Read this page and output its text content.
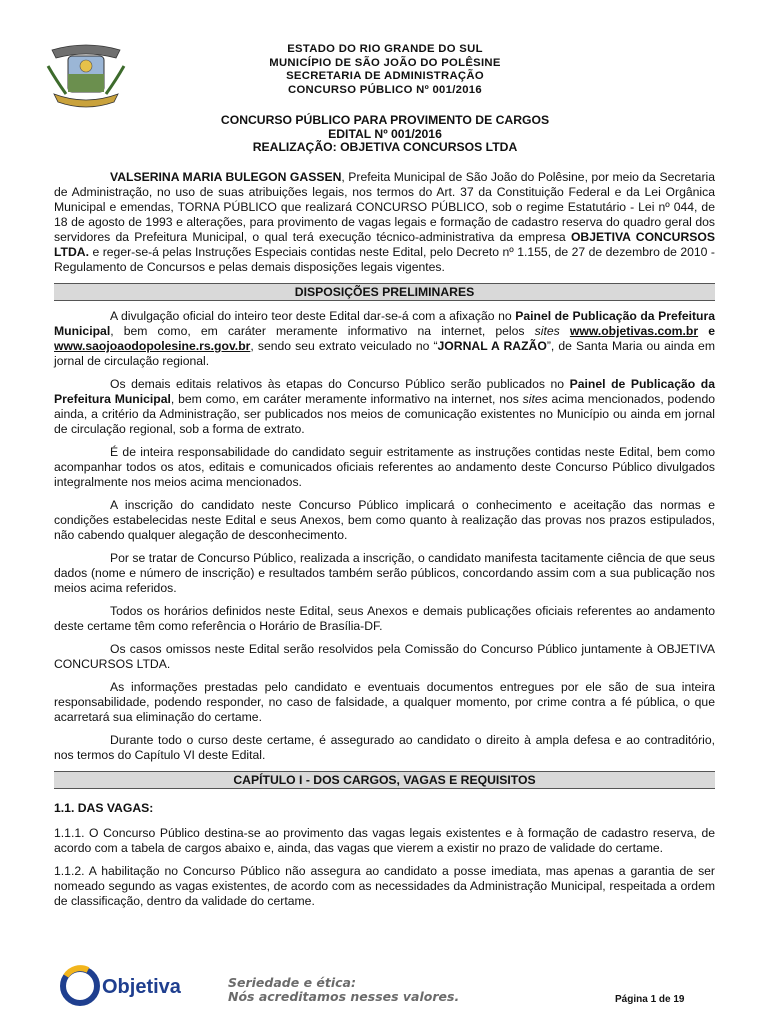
ESTADO DO RIO GRANDE DO SUL
MUNICÍPIO DE SÃO JOÃO DO POLÊSINE
SECRETARIA DE ADMINISTRAÇÃO
CONCURSO PÚBLICO Nº 001/2016
CONCURSO PÚBLICO PARA PROVIMENTO DE CARGOS
EDITAL Nº 001/2016
REALIZAÇÃO: OBJETIVA CONCURSOS LTDA

VALSERINA MARIA BULEGON GASSEN, Prefeita Municipal de São João do Polêsine, por meio da Secretaria de Administração, no uso de suas atribuições legais, nos termos do Art. 37 da Constituição Federal e da Lei Orgânica Municipal e emendas, TORNA PÚBLICO que realizará CONCURSO PÚBLICO, sob o regime Estatutário - Lei nº 044, de 18 de agosto de 1993 e alterações, para provimento de vagas legais e formação de cadastro reserva do quadro geral dos servidores da Prefeitura Municipal, o qual terá execução técnico-administrativa da empresa OBJETIVA CONCURSOS LTDA. e reger-se-á pelas Instruções Especiais contidas neste Edital, pelo Decreto nº 1.155, de 27 de dezembro de 2010 - Regulamento de Concursos e pelas demais disposições legais vigentes.

DISPOSIÇÕES PRELIMINARES

A divulgação oficial do inteiro teor deste Edital dar-se-á com a afixação no Painel de Publicação da Prefeitura Municipal, bem como, em caráter meramente informativo na internet, pelos sites www.objetivas.com.br e www.saojoaodopolesine.rs.gov.br, sendo seu extrato veiculado no “JORNAL A RAZÃO”, de Santa Maria ou ainda em jornal de circulação regional.

Os demais editais relativos às etapas do Concurso Público serão publicados no Painel de Publicação da Prefeitura Municipal, bem como, em caráter meramente informativo na internet, nos sites acima mencionados, podendo ainda, a critério da Administração, ser publicados nos meios de comunicação existentes no Município ou ainda em jornal de circulação regional, sob a forma de extrato.

É de inteira responsabilidade do candidato seguir estritamente as instruções contidas neste Edital, bem como acompanhar todos os atos, editais e comunicados oficiais referentes ao andamento deste Concurso Público divulgados integralmente nos meios acima mencionados.

A inscrição do candidato neste Concurso Público implicará o conhecimento e aceitação das normas e condições estabelecidas neste Edital e seus Anexos, bem como quanto à realização das provas nos prazos estipulados, não cabendo qualquer alegação de desconhecimento.

Por se tratar de Concurso Público, realizada a inscrição, o candidato manifesta tacitamente ciência de que seus dados (nome e número de inscrição) e resultados também serão públicos, concordando assim com a sua publicação nos meios acima referidos.

Todos os horários definidos neste Edital, seus Anexos e demais publicações oficiais referentes ao andamento deste certame têm como referência o Horário de Brasília-DF.

Os casos omissos neste Edital serão resolvidos pela Comissão do Concurso Público juntamente à OBJETIVA CONCURSOS LTDA.

As informações prestadas pelo candidato e eventuais documentos entregues por ele são de sua inteira responsabilidade, podendo responder, no caso de falsidade, a qualquer momento, por crime contra a fé pública, o que acarretará sua eliminação do certame.

Durante todo o curso deste certame, é assegurado ao candidato o direito à ampla defesa e ao contraditório, nos termos do Capítulo VI deste Edital.

CAPÍTULO I - DOS CARGOS, VAGAS E REQUISITOS
1.1. DAS VAGAS:

1.1.1. O Concurso Público destina-se ao provimento das vagas legais existentes e à formação de cadastro reserva, de acordo com a tabela de cargos abaixo e, ainda, das vagas que vierem a existir no prazo de validade do certame.

1.1.2. A habilitação no Concurso Público não assegura ao candidato a posse imediata, mas apenas a garantia de ser nomeado segundo as vagas existentes, de acordo com as necessidades da Administração Municipal, respeitada a ordem de classificação, dentro da validade do certame.

Objetiva	Seriedade e ética:
Nós acreditamos nesses valores.	Página 1 de 19
